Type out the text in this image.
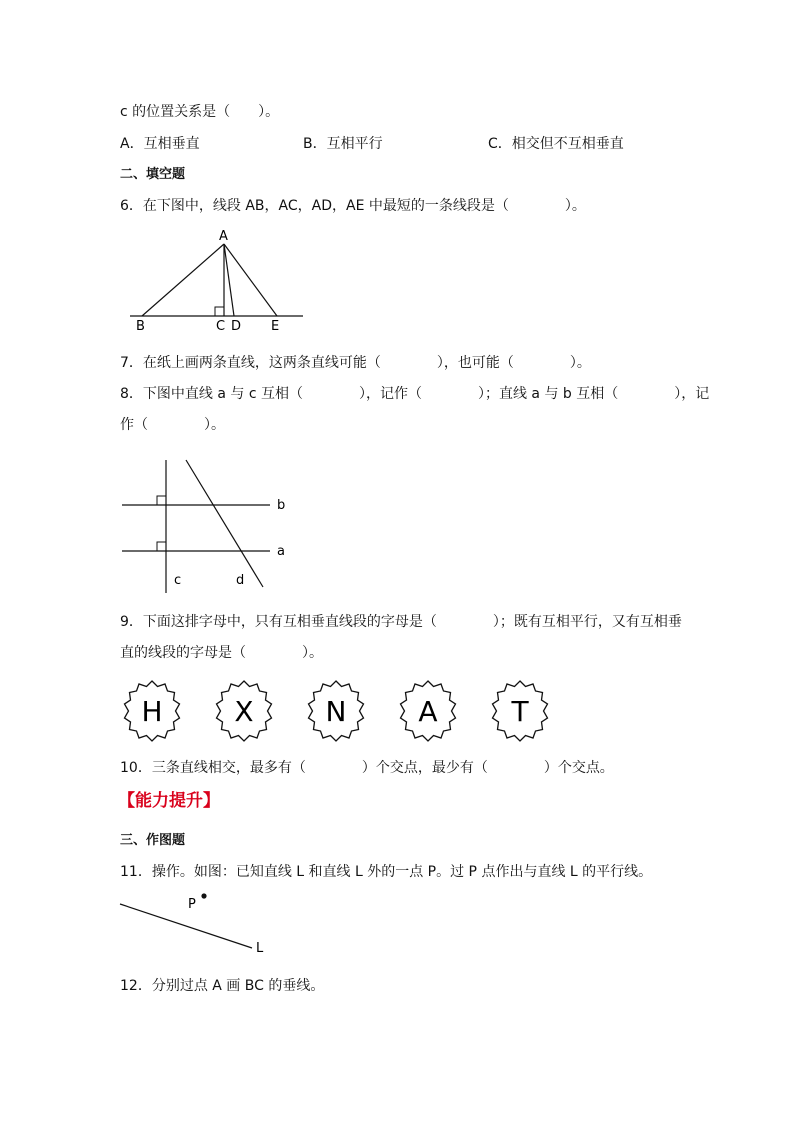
c 的位置关系是（　　）。
A．互相垂直	B．互相平行	C．相交但不互相垂直
二、填空题
6．在下图中，线段 AB，AC，AD，AE 中最短的一条线段是（　　　　）。
A
B	C D E
7．在纸上画两条直线，这两条直线可能（　　　　），也可能（　　　　）。
8．下图中直线 a 与 c 互相（　　　　），记作（　　　　）；直线 a 与 b 互相（　　　　），记
作（　　　　）。
b
a
c	d
9．下面这排字母中，只有互相垂直线段的字母是（　　　　）；既有互相平行，又有互相垂
直的线段的字母是（　　　　）。
H	X	N	A	T
10．三条直线相交，最多有（　　　　）个交点，最少有（　　　　）个交点。
【能力提升】
三、作图题
11．操作。如图：已知直线 L 和直线 L 外的一点 P。过 P 点作出与直线 L 的平行线。
P
L
12．分别过点 A 画 BC 的垂线。
